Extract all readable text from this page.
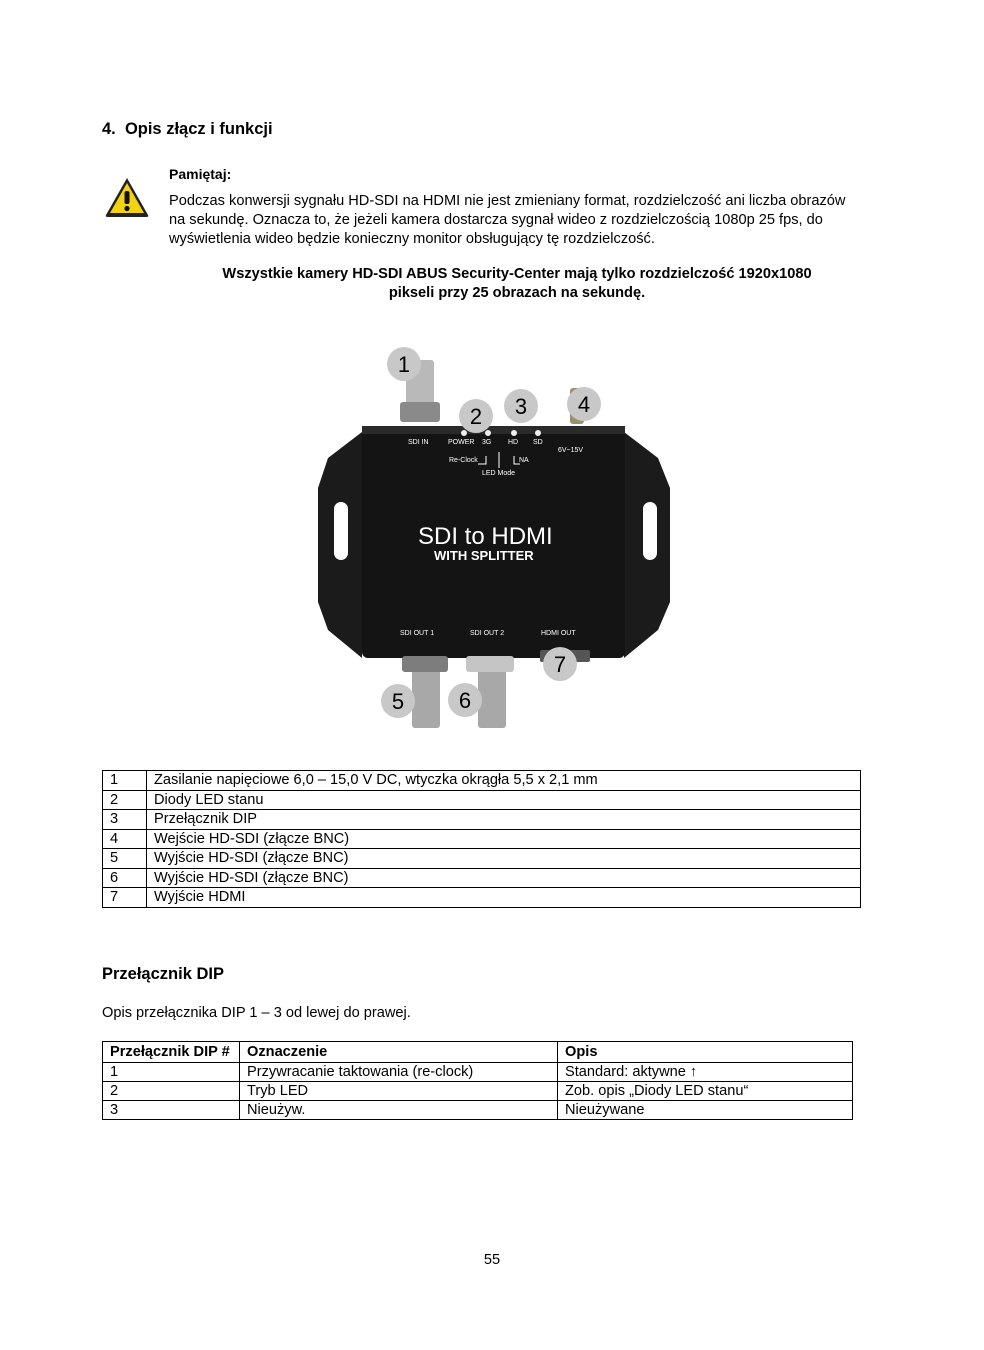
4. Opis złącz i funkcji
Pamiętaj:
Podczas konwersji sygnału HD-SDI na HDMI nie jest zmieniany format, rozdzielczość ani liczba obrazów na sekundę. Oznacza to, że jeżeli kamera dostarcza sygnał wideo z rozdzielczością 1080p 25 fps, do wyświetlenia wideo będzie konieczny monitor obsługujący tę rozdzielczość.
Wszystkie kamery HD-SDI ABUS Security-Center mają tylko rozdzielczość 1920x1080
pikseli przy 25 obrazach na sekundę.
SDI IN	POWER 3G HD SD
6V~15V
Re-Clock	NA
LED Mode
PC-USB
SDI OUT 1	SDI OUT 2	HDMI OUT
SDI to HDMI
WITH SPLITTER
1
2 3 4
5 6
7
1	Zasilanie napięciowe 6,0 – 15,0 V DC, wtyczka okrągła 5,5 x 2,1 mm
2	Diody LED stanu
3	Przełącznik DIP
4	Wejście HD-SDI (złącze BNC)
5	Wyjście HD-SDI (złącze BNC)
6	Wyjście HD-SDI (złącze BNC)
7	Wyjście HDMI
Przełącznik DIP
Opis przełącznika DIP 1 – 3 od lewej do prawej.
Przełącznik DIP #	Oznaczenie	Opis
1	Przywracanie taktowania (re-clock)	Standard: aktywne ↑
2	Tryb LED	Zob. opis „Diody LED stanu“
3	Nieużyw.	Nieużywane
55
